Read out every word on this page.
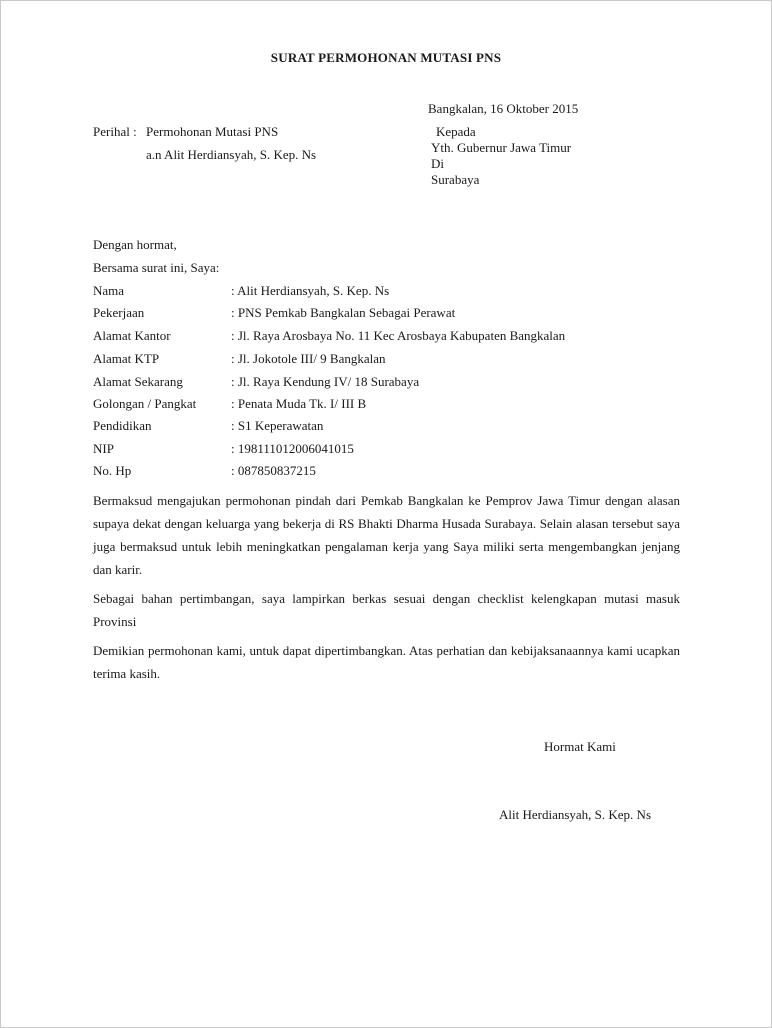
SURAT PERMOHONAN MUTASI PNS
Bangkalan, 16 Oktober 2015
Perihal : Permohonan Mutasi PNS
a.n Alit Herdiansyah, S. Kep. Ns
Kepada
Yth. Gubernur Jawa Timur
Di
Surabaya
Dengan hormat,
Bersama surat ini, Saya:
Nama	: Alit Herdiansyah, S. Kep. Ns
Pekerjaan	: PNS Pemkab Bangkalan Sebagai Perawat
Alamat Kantor	: Jl. Raya Arosbaya No. 11 Kec Arosbaya Kabupaten Bangkalan
Alamat KTP	: Jl. Jokotole III/ 9 Bangkalan
Alamat Sekarang	: Jl. Raya Kendung IV/ 18 Surabaya
Golongan / Pangkat	: Penata Muda Tk. I/ III B
Pendidikan	: S1 Keperawatan
NIP	: 198111012006041015
No. Hp	: 087850837215
Bermaksud mengajukan permohonan pindah dari Pemkab Bangkalan ke Pemprov Jawa Timur dengan alasan supaya dekat dengan keluarga yang bekerja di RS Bhakti Dharma Husada Surabaya. Selain alasan tersebut saya juga bermaksud untuk lebih meningkatkan pengalaman kerja yang Saya miliki serta mengembangkan jenjang dan karir.
Sebagai bahan pertimbangan, saya lampirkan berkas sesuai dengan checklist kelengkapan mutasi masuk Provinsi
Demikian permohonan kami, untuk dapat dipertimbangkan. Atas perhatian dan kebijaksanaannya kami ucapkan terima kasih.
Hormat Kami
Alit Herdiansyah, S. Kep. Ns
